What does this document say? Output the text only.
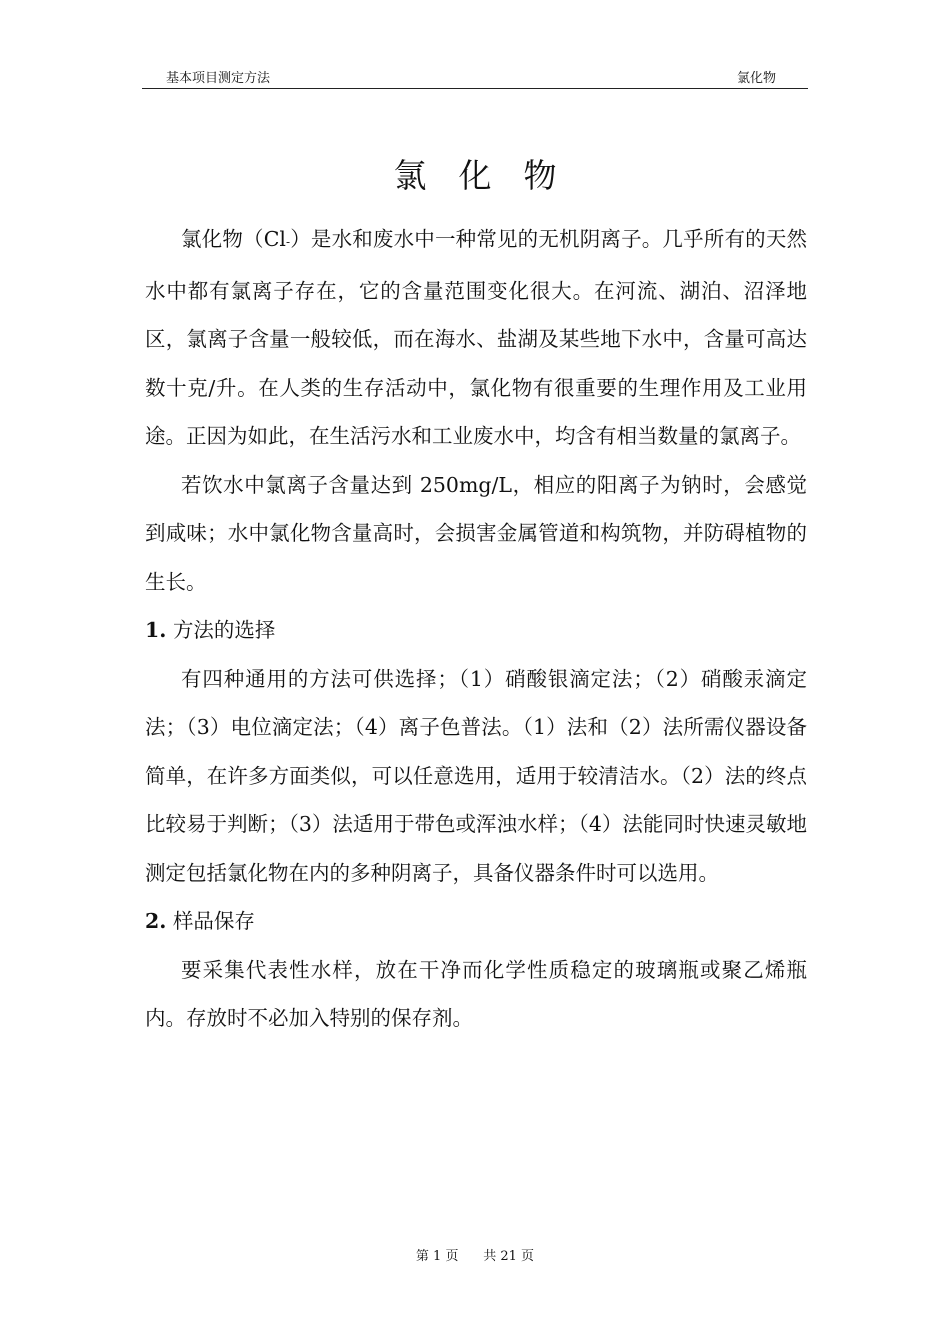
基本项目测定方法	氯化物
氯化物

氯化物（Cl-）是水和废水中一种常见的无机阴离子。几乎所有的天然水中都有氯离子存在，它的含量范围变化很大。在河流、湖泊、沼泽地区，氯离子含量一般较低，而在海水、盐湖及某些地下水中，含量可高达数十克/升。在人类的生存活动中，氯化物有很重要的生理作用及工业用途。正因为如此，在生活污水和工业废水中，均含有相当数量的氯离子。

若饮水中氯离子含量达到 250mg/L，相应的阳离子为钠时，会感觉到咸味；水中氯化物含量高时，会损害金属管道和构筑物，并防碍植物的生长。

1. 方法的选择

有四种通用的方法可供选择；（1）硝酸银滴定法；（2）硝酸汞滴定法；（3）电位滴定法；（4）离子色普法。（1）法和（2）法所需仪器设备简单，在许多方面类似，可以任意选用，适用于较清洁水。（2）法的终点比较易于判断；（3）法适用于带色或浑浊水样；（4）法能同时快速灵敏地测定包括氯化物在内的多种阴离子，具备仪器条件时可以选用。

2. 样品保存

要采集代表性水样，放在干净而化学性质稳定的玻璃瓶或聚乙烯瓶内。存放时不必加入特别的保存剂。

第 1 页      共 21 页
